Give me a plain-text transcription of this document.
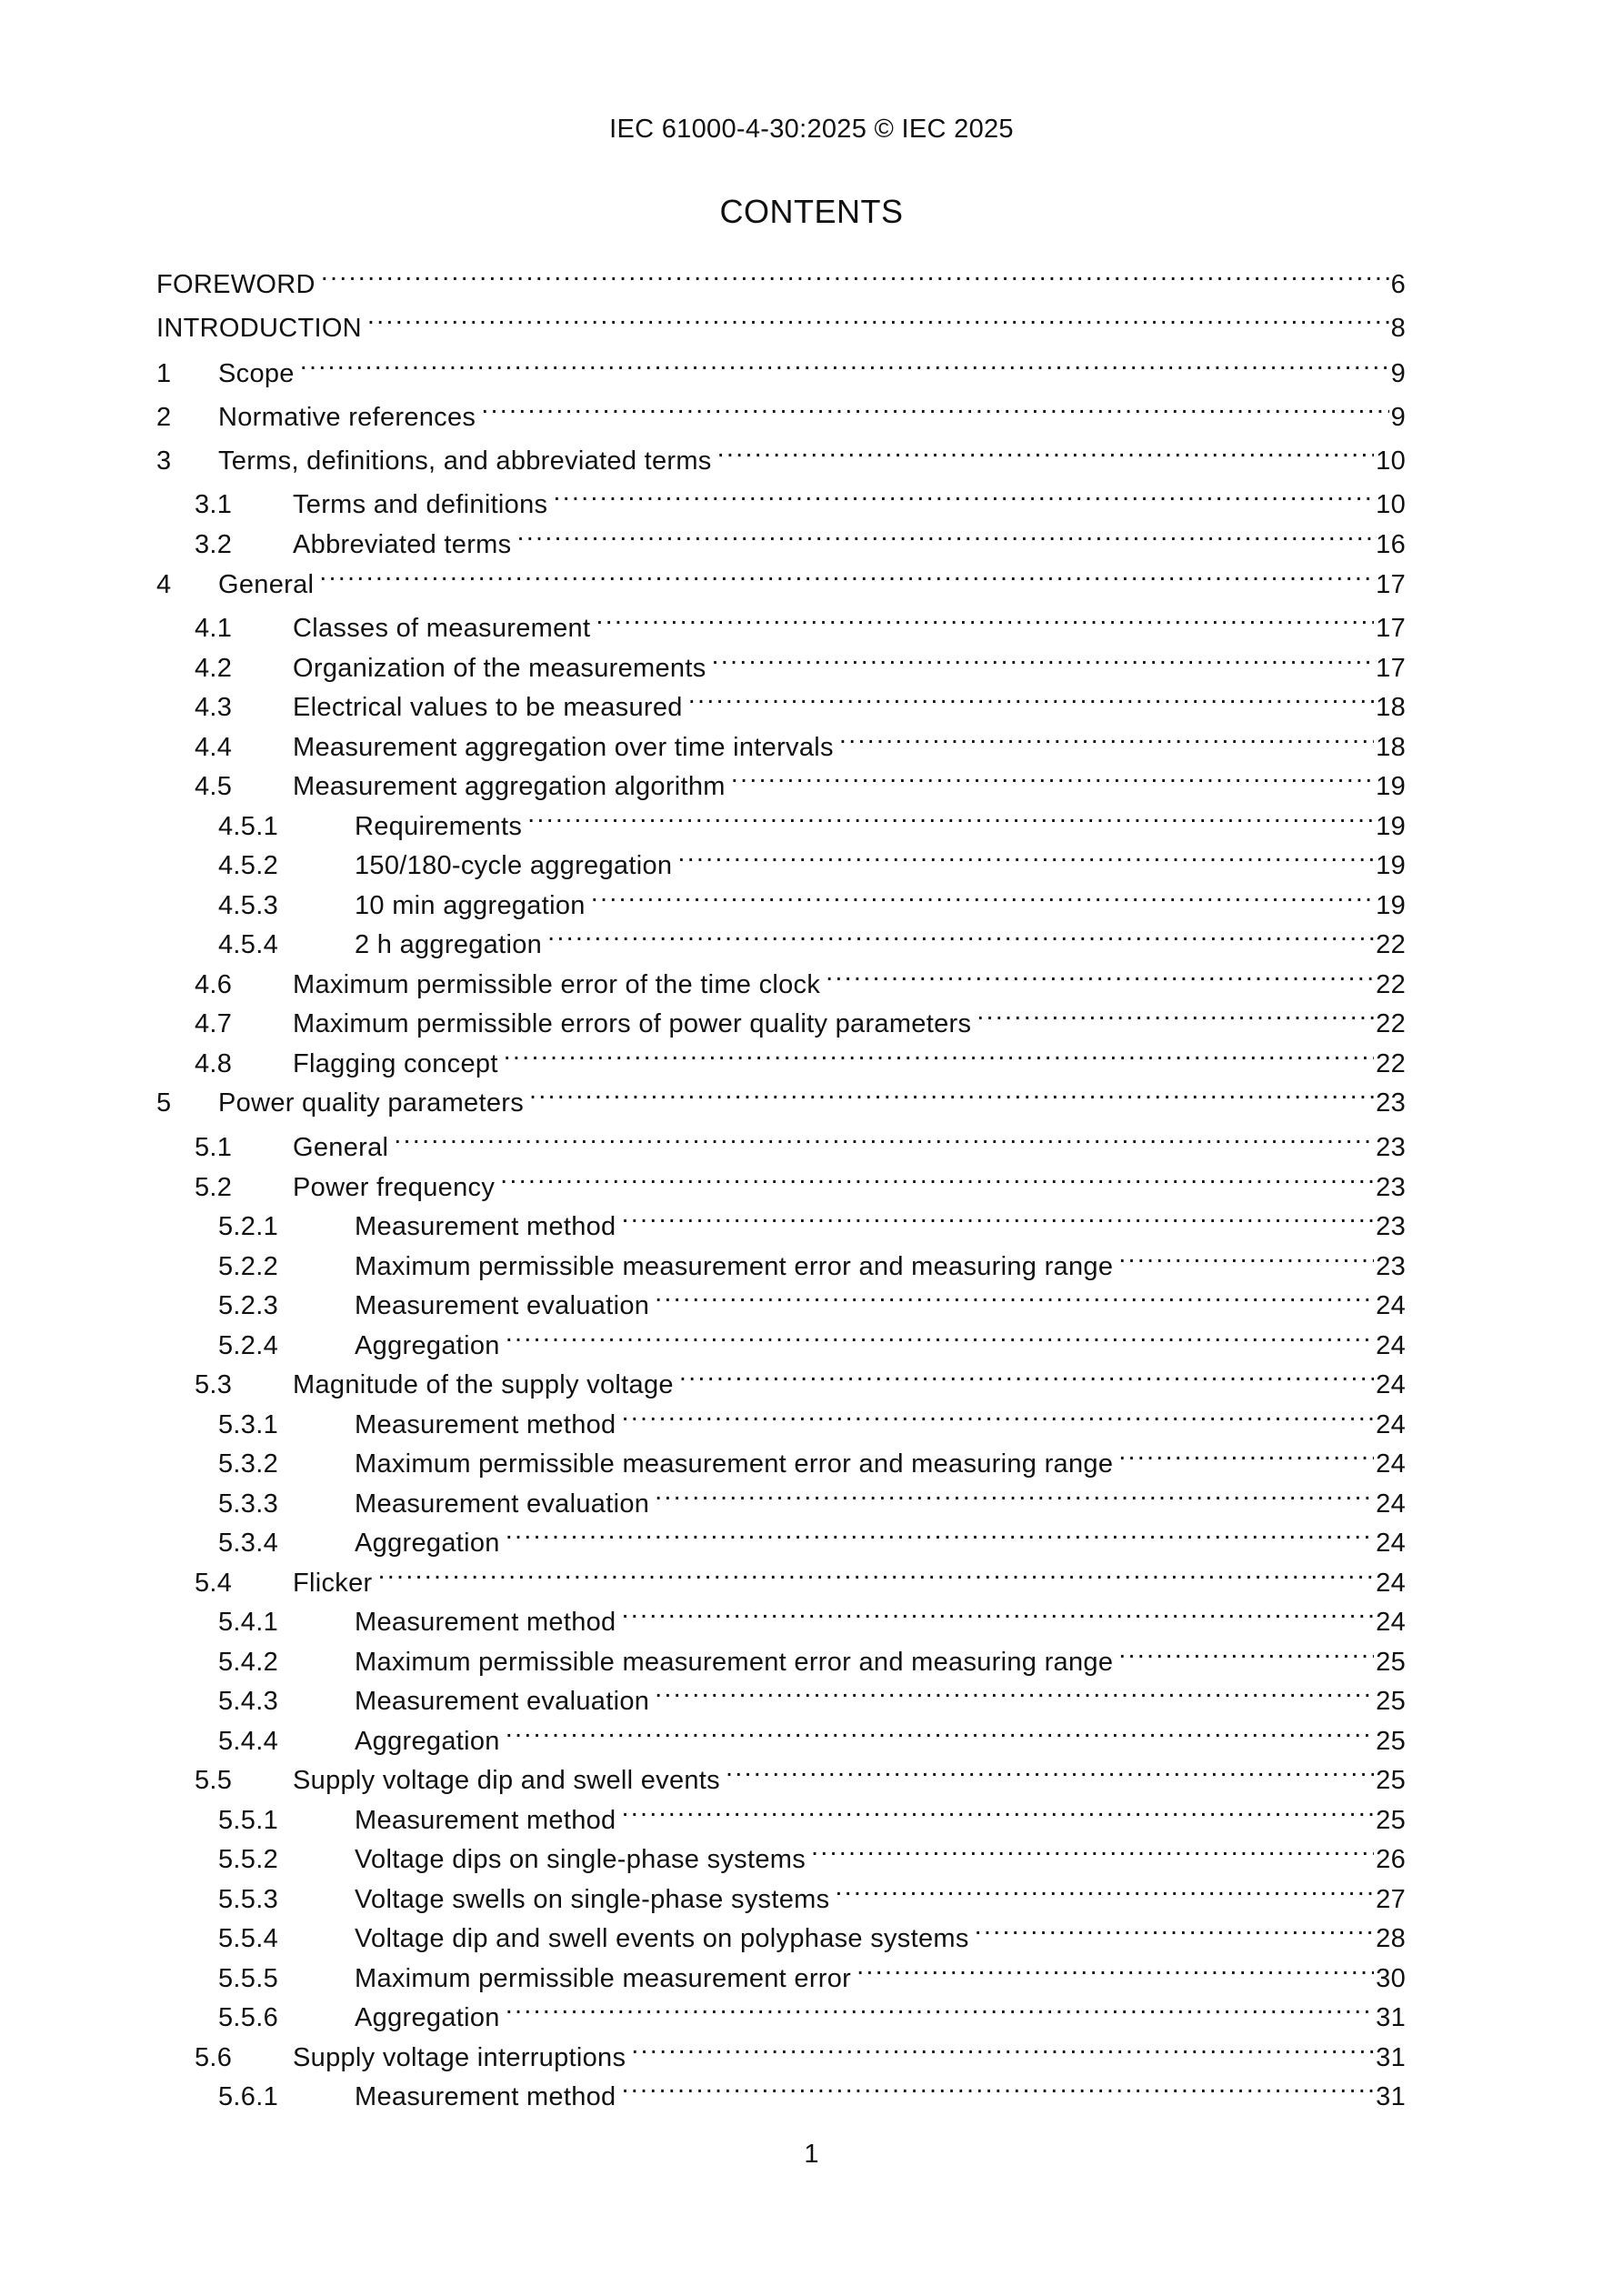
IEC 61000-4-30:2025 © IEC 2025
CONTENTS
FOREWORD .....	6
INTRODUCTION .....	8
1	Scope .....	9
2	Normative references .....	9
3	Terms, definitions, and abbreviated terms .....	10
3.1	Terms and definitions .....	10
3.2	Abbreviated terms .....	16
4	General .....	17
4.1	Classes of measurement .....	17
4.2	Organization of the measurements .....	17
4.3	Electrical values to be measured .....	18
4.4	Measurement aggregation over time intervals .....	18
4.5	Measurement aggregation algorithm .....	19
4.5.1	Requirements .....	19
4.5.2	150/180-cycle aggregation .....	19
4.5.3	10 min aggregation .....	19
4.5.4	2 h aggregation .....	22
4.6	Maximum permissible error of the time clock .....	22
4.7	Maximum permissible errors of power quality parameters .....	22
4.8	Flagging concept .....	22
5	Power quality parameters .....	23
5.1	General .....	23
5.2	Power frequency .....	23
5.2.1	Measurement method .....	23
5.2.2	Maximum permissible measurement error and measuring range .....	23
5.2.3	Measurement evaluation .....	24
5.2.4	Aggregation .....	24
5.3	Magnitude of the supply voltage .....	24
5.3.1	Measurement method .....	24
5.3.2	Maximum permissible measurement error and measuring range .....	24
5.3.3	Measurement evaluation .....	24
5.3.4	Aggregation .....	24
5.4	Flicker .....	24
5.4.1	Measurement method .....	24
5.4.2	Maximum permissible measurement error and measuring range .....	25
5.4.3	Measurement evaluation .....	25
5.4.4	Aggregation .....	25
5.5	Supply voltage dip and swell events .....	25
5.5.1	Measurement method .....	25
5.5.2	Voltage dips on single-phase systems .....	26
5.5.3	Voltage swells on single-phase systems .....	27
5.5.4	Voltage dip and swell events on polyphase systems .....	28
5.5.5	Maximum permissible measurement error .....	30
5.5.6	Aggregation .....	31
5.6	Supply voltage interruptions .....	31
5.6.1	Measurement method .....	31
1
